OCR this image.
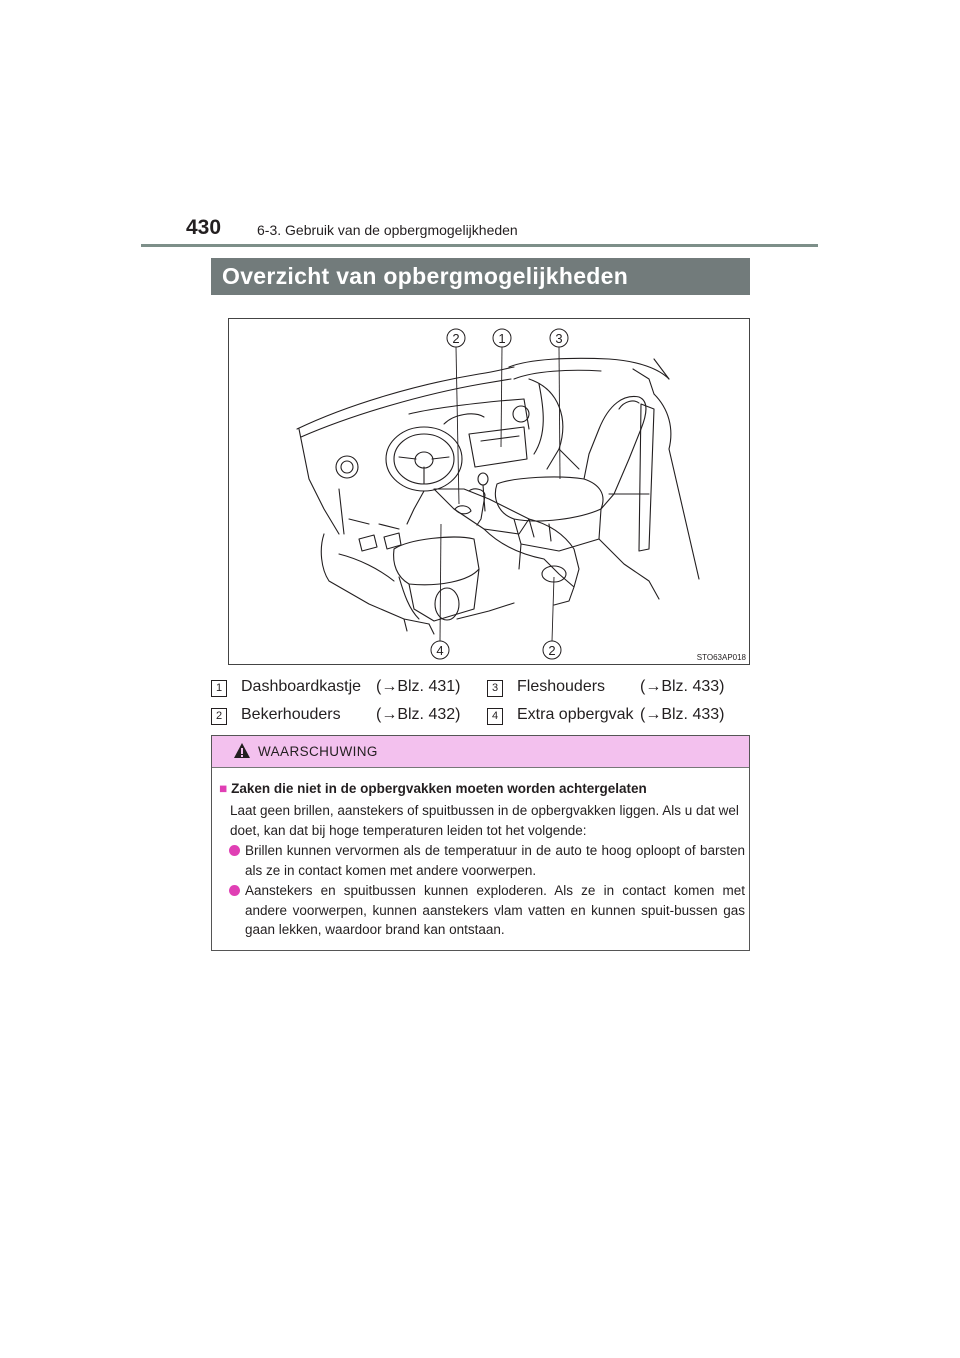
430	6-3. Gebruik van de opbergmogelijkheden
Overzicht van opbergmogelijkheden
2	1	3
4	2	STO63AP018
1	Dashboardkastje (→Blz. 431)	3	Fleshouders (→Blz. 433)
2	Bekerhouders (→Blz. 432)	4	Extra opbergvak (→Blz. 433)
WAARSCHUWING
■ Zaken die niet in de opbergvakken moeten worden achtergelaten
Laat geen brillen, aanstekers of spuitbussen in de opbergvakken liggen. Als u dat wel doet, kan dat bij hoge temperaturen leiden tot het volgende:
Brillen kunnen vervormen als de temperatuur in de auto te hoog oploopt of barsten als ze in contact komen met andere voorwerpen.
Aanstekers en spuitbussen kunnen exploderen. Als ze in contact komen met andere voorwerpen, kunnen aanstekers vlam vatten en kunnen spuit-bussen gas gaan lekken, waardoor brand kan ontstaan.
